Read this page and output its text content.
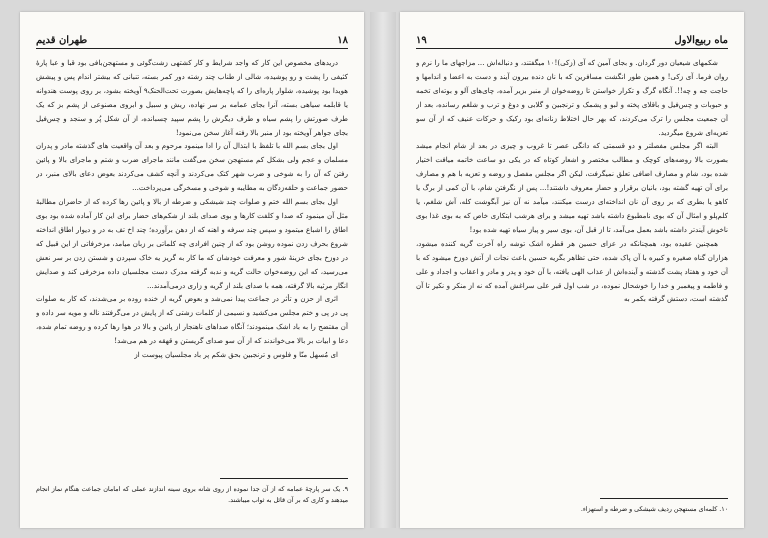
طهران قدیم	۱۸

دریدهای مخصوص این کار که واجد شرایط و کار کشتهی زشت‌گوئی و مستهجن‌بافی بود قبا و عبا پارهٔ کثیفی را پشت و رو پوشیده، شالی از طناب چند رشته دور کمر بسته، تنبانی که بیشتر اندام پس و پیشش هویدا بود پوشیده، شلوار پاره‌ای را که پاچه‌هایش بصورت تحت‌الحنک٩ آویخته بشود، بر روی پوست هندوانه یا قابلمه سیاهی بسته، آنرا بجای عمامه بر سر نهاده، ریش و سبیل و ابروی مصنوعی از پشم بز که یک طرف صورتش را پشم سیاه و طرف دیگرش را پشم سپید چسبانده، از آن شکل پُر و سنجد و چس‌فیل بجای جواهر آویخته بود از منبر بالا رفته آغاز سخن می‌نمود!

اول بجای بسم الله با تلفظ با ابتذال آن را ادا مینمود مرحوم و بعد آن واقعیت های گذشته مادر و پدران مسلمان و عجم ولی بشکل کم مستهجن سخن می‌گفت مانند ماجرای ضرب و شتم و ماجرای بالا و پائین رفتن که آن را به شوخی و ضرب شهر کتک می‌کردند و آنچه کشف می‌کردند بعوض دعای بالای منبر، در حضور جماعت و حلقه‌زدگان به مطایبه و شوخی و مسخرگی می‌پرداخت...

اول بجای بسم الله ختم و صلوات چند شیشکی و ضرطه از بالا و پائین رها کرده که از حاضران مطالبهٔ مثل آن مینمود که صدا و کلفت کارها و بوی صدای بلند از شکم‌های حضار برای این کار آماده شده بود بوی اطاق را اشباع میتمود و سپس چند سرفه و اهنه که از دهن برآورده؛ چند اخ تف به در و دیوار اطاق انداخته شروع بحرف زدن نموده روشن بود که از چنین افرادی چه کلماتی بر زبان میامد، مزخرفاتی از این قبیل که در دوزخ بجای خزینهٔ شور و معرفت خودشان که ما کار به گریز یه خاک سپردن و شستن زدن بر سر نعش می‌رسید، که این روضه‌خوان حالت گریه و ندبه گرفته مدرک دست مجلسیان داده مزخرفی کند و صدایش انگار مرثیه بالا گرفته، همه با صدای بلند از گریه و زاری درمی‌آمدند...

اثری از حزن و تأثر در جماعت پیدا نمی‌شد و بعوض گریه از خنده روده بر می‌شدند، که کار به صلوات پی در پی و ختم مجلس می‌کشید و نسیمی از کلمات زشتی که از پایش در می‌گرفتند ناله و مویه سر داده و آن مفتضح را به باد اشک مینمودند؛ آنگاه صداهای ناهنجار از پائین و بالا در هوا رها کرده و روضه تمام شده، دعا و ابیات بر بالا می‌خواندند که از آن سو صدای گریستن و قهقه در هم می‌شد!

ای مُسهل منّا و فلوس و ترنجبین بحق شکم پر باد مجلسیان پیوست از

٩. یک سر پارچهٔ عمامه که از آن جدا نموده از روی شانه بروی سینه اندازند عملی که امامان جماعت هنگام نماز انجام میدهند و کاری که بر آن قائل به ثواب میباشند.
۱۹	ماه ربیع‌الاول

شکمهای شیعیان دور گردان. و بجای آمین که آی (زکی)!١٠ میگفتند، و دنباله‌اش ... مزاجهای ما را نرم و روان فرما. آی زکی! و همین طور انگشت مسافرین که با نان دنده بیرون آیند و دست به اعضا و اندامها و حاجت جه و چه!!. آنگاه گرگ و تکرار خواستن تا روضه‌خوان از منبر بزیر آمده، چای‌های آلو و بوته‌ای تخمه و حبوبات و چس‌فیل و باقلای پخته و لبو و پشمک و ترنجبین و گلابی و دوغ و ترب و شلغم رسانده، بعد از آن جمعیت مجلس را ترک می‌کردند، که بهر حال اختلاط زنانه‌ای بود رکیک و حرکات عنیف که از آن سو تعزیه‌ای شروع میگردید.

البته اگر مجلس مفصلتر و دو قسمتی که دانگی عصر تا غروب و چیزی در بعد از شام انجام میشد بصورت بالا روضه‌های کوچک و مطالب مختصر و اشعار کوتاه که در یکی دو ساعت خاتمه میافت اختیار شده بود، شام و مصارف اضافی تعلق نمیگرفت، لیکن اگر مجلس مفصل و روضه و تعزیه با هم و مصارف برای آن تهیه گشته بود، بانیان برقرار و حضار معروف داشتند!... پس از نگرفتن شام، با آن کمی از برگ یا کاهو یا بطری که بر روی آن نان انداخته‌ای درست میکنند، میآمد نه آن نیز آبگوشت کله، آش شلغم، یا کلم‌پلو و امثال آن که بوی نامطبوع داشته باشد تهیه میشد و برای هرشب ابتکاری خاص که به بوی غذا بوی ناخوش آیندتر داشته باشد بعمل می‌آمد، تا از قبل آن، بوی سیر و پیاز سیاه تهیه شده بود!

همچنین عقیده بود، همچنانکه در عزای حسین هر قطره اشک توشه راه آخرت گریه کننده میشود، هزاران گناه صغیره و کبیره با آن پاک شده، حتی تظاهر بگریه حسین باعث نجات از آتش دوزخ میشود که با آن خود و هفتاد پشت گذشته و آینده‌اش از عذاب الهی یافته، با آن خود و پدر و مادر و اعقاب و اجداد و علی و فاطمه و پیغمبر و خدا را خوشحال نموده، در شب اول قبر علی سراغش آمده که نه از منکر و نکیر تا آن گذشته است، دستش گرفته بکمر به

١٠. کلمه‌ای مستهجن ردیف شیشکی و ضرطه و استهزاء.
